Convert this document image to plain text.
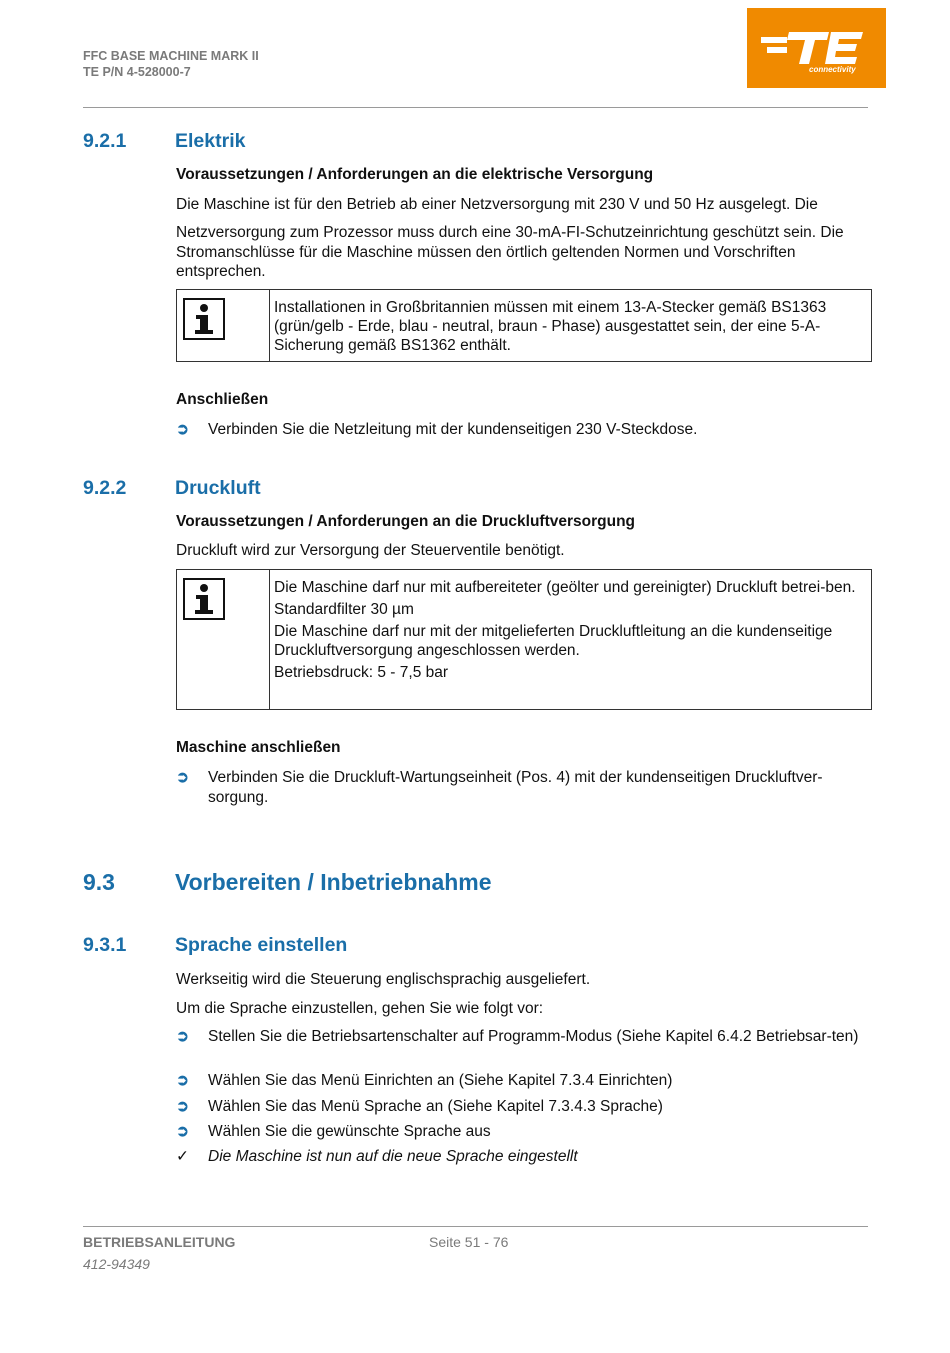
FFC BASE MACHINE MARK II
TE P/N 4-528000-7	connectivity
9.2.1 Elektrik
Voraussetzungen / Anforderungen an die elektrische Versorgung
Die Maschine ist für den Betrieb ab einer Netzversorgung mit 230 V und 50 Hz ausgelegt. Die
Netzversorgung zum Prozessor muss durch eine 30-mA-FI-Schutzeinrichtung geschützt sein. Die Stromanschlüsse für die Maschine müssen den örtlich geltenden Normen und Vorschriften entsprechen.
Installationen in Großbritannien müssen mit einem 13-A-Stecker gemäß BS1363 (grün/gelb - Erde, blau - neutral, braun - Phase) ausgestattet sein, der eine 5-A-Sicherung gemäß BS1362 enthält.
Anschließen
➲	Verbinden Sie die Netzleitung mit der kundenseitigen 230 V-Steckdose.
9.2.2 Druckluft
Voraussetzungen / Anforderungen an die Druckluftversorgung
Druckluft wird zur Versorgung der Steuerventile benötigt.
Die Maschine darf nur mit aufbereiteter (geölter und gereinigter) Druckluft betrei-ben.
Standardfilter 30 µm
Die Maschine darf nur mit der mitgelieferten Druckluftleitung an die kundenseitige Druckluftversorgung angeschlossen werden.
Betriebsdruck: 5 - 7,5 bar
Maschine anschließen
➲	Verbinden Sie die Druckluft-Wartungseinheit (Pos. 4) mit der kundenseitigen Druckluftver-sorgung.
9.3	Vorbereiten / Inbetriebnahme
9.3.1 Sprache einstellen
Werkseitig wird die Steuerung englischsprachig ausgeliefert.
Um die Sprache einzustellen, gehen Sie wie folgt vor:
➲	Stellen Sie die Betriebsartenschalter auf Programm-Modus (Siehe Kapitel 6.4.2 Betriebsar-ten)
➲	Wählen Sie das Menü Einrichten an (Siehe Kapitel 7.3.4 Einrichten)
➲	Wählen Sie das Menü Sprache an (Siehe Kapitel 7.3.4.3 Sprache)
➲	Wählen Sie die gewünschte Sprache aus
✓	Die Maschine ist nun auf die neue Sprache eingestellt
BETRIEBSANLEITUNG	Seite 51 - 76
412-94349
